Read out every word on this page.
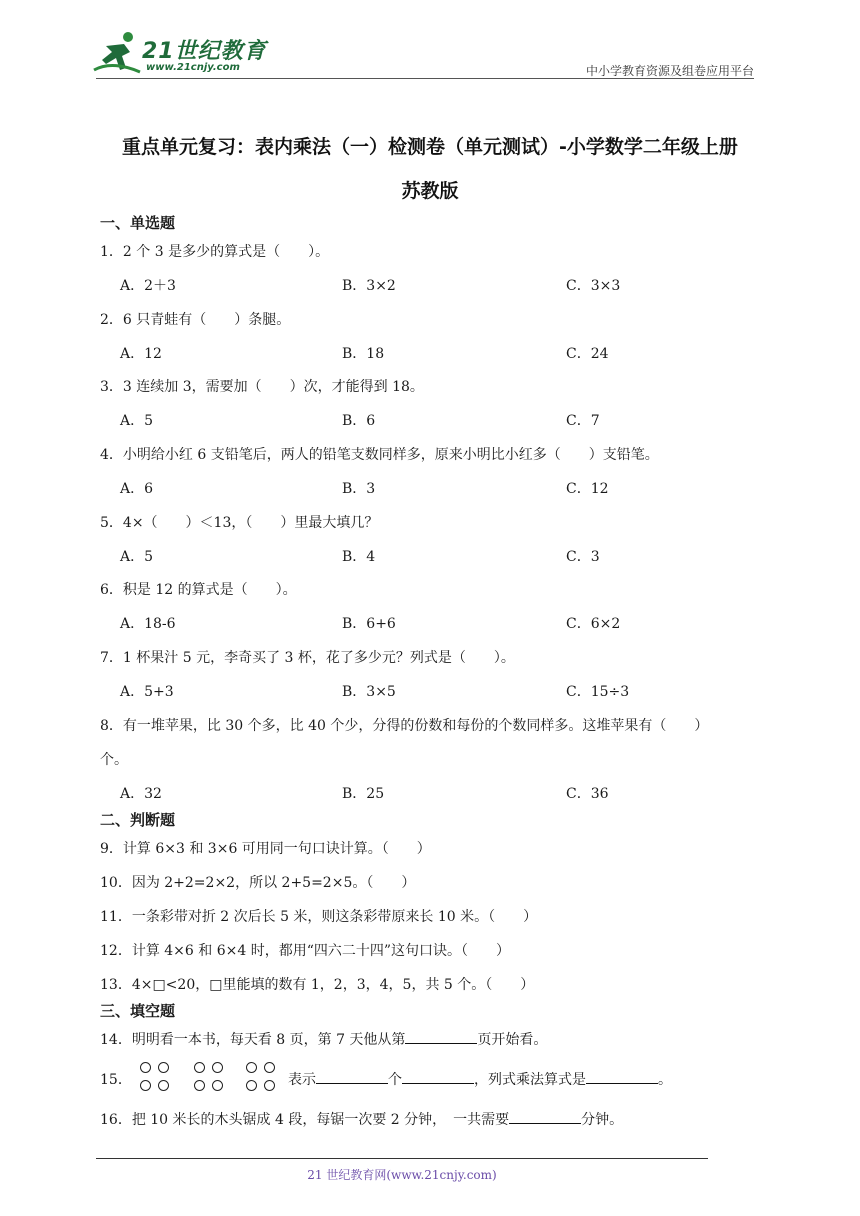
21世纪教育
www.21cnjy.com	中小学教育资源及组卷应用平台
重点单元复习：表内乘法（一）检测卷（单元测试）-小学数学二年级上册
苏教版
一、单选题
1．2 个 3 是多少的算式是（　　）。
A．2＋3	B．3×2	C．3×3
2．6 只青蛙有（　　）条腿。
A．12	B．18	C．24
3．3 连续加 3，需要加（　　）次，才能得到 18。
A．5	B．6	C．7
4．小明给小红 6 支铅笔后，两人的铅笔支数同样多，原来小明比小红多（　　）支铅笔。
A．6	B．3	C．12
5．4×（　　）＜13，（　　）里最大填几？
A．5	B．4	C．3
6．积是 12 的算式是（　　）。
A．18-6	B．6+6	C．6×2
7．1 杯果汁 5 元，李奇买了 3 杯，花了多少元？列式是（　　）。
A．5+3	B．3×5	C．15÷3
8．有一堆苹果，比 30 个多，比 40 个少，分得的份数和每份的个数同样多。这堆苹果有（　　）
个。
A．32	B．25	C．36
二、判断题
9．计算 6×3 和 3×6 可用同一句口诀计算。（　　）
10．因为 2+2=2×2，所以 2+5=2×5。（　　）
11．一条彩带对折 2 次后长 5 米，则这条彩带原来长 10 米。（　　）
12．计算 4×6 和 6×4 时，都用“四六二十四”这句口诀。（　　）
13．4×□<20，□里能填的数有 1，2，3，4，5，共 5 个。（　　）
三、填空题
14．明明看一本书，每天看 8 页，第 7 天他从第	页开始看。
15．	表示	个	，列式乘法算式是	。
16．把 10 米长的木头锯成 4 段，每锯一次要 2 分钟，　一共需要	分钟。
21 世纪教育网(www.21cnjy.com)
